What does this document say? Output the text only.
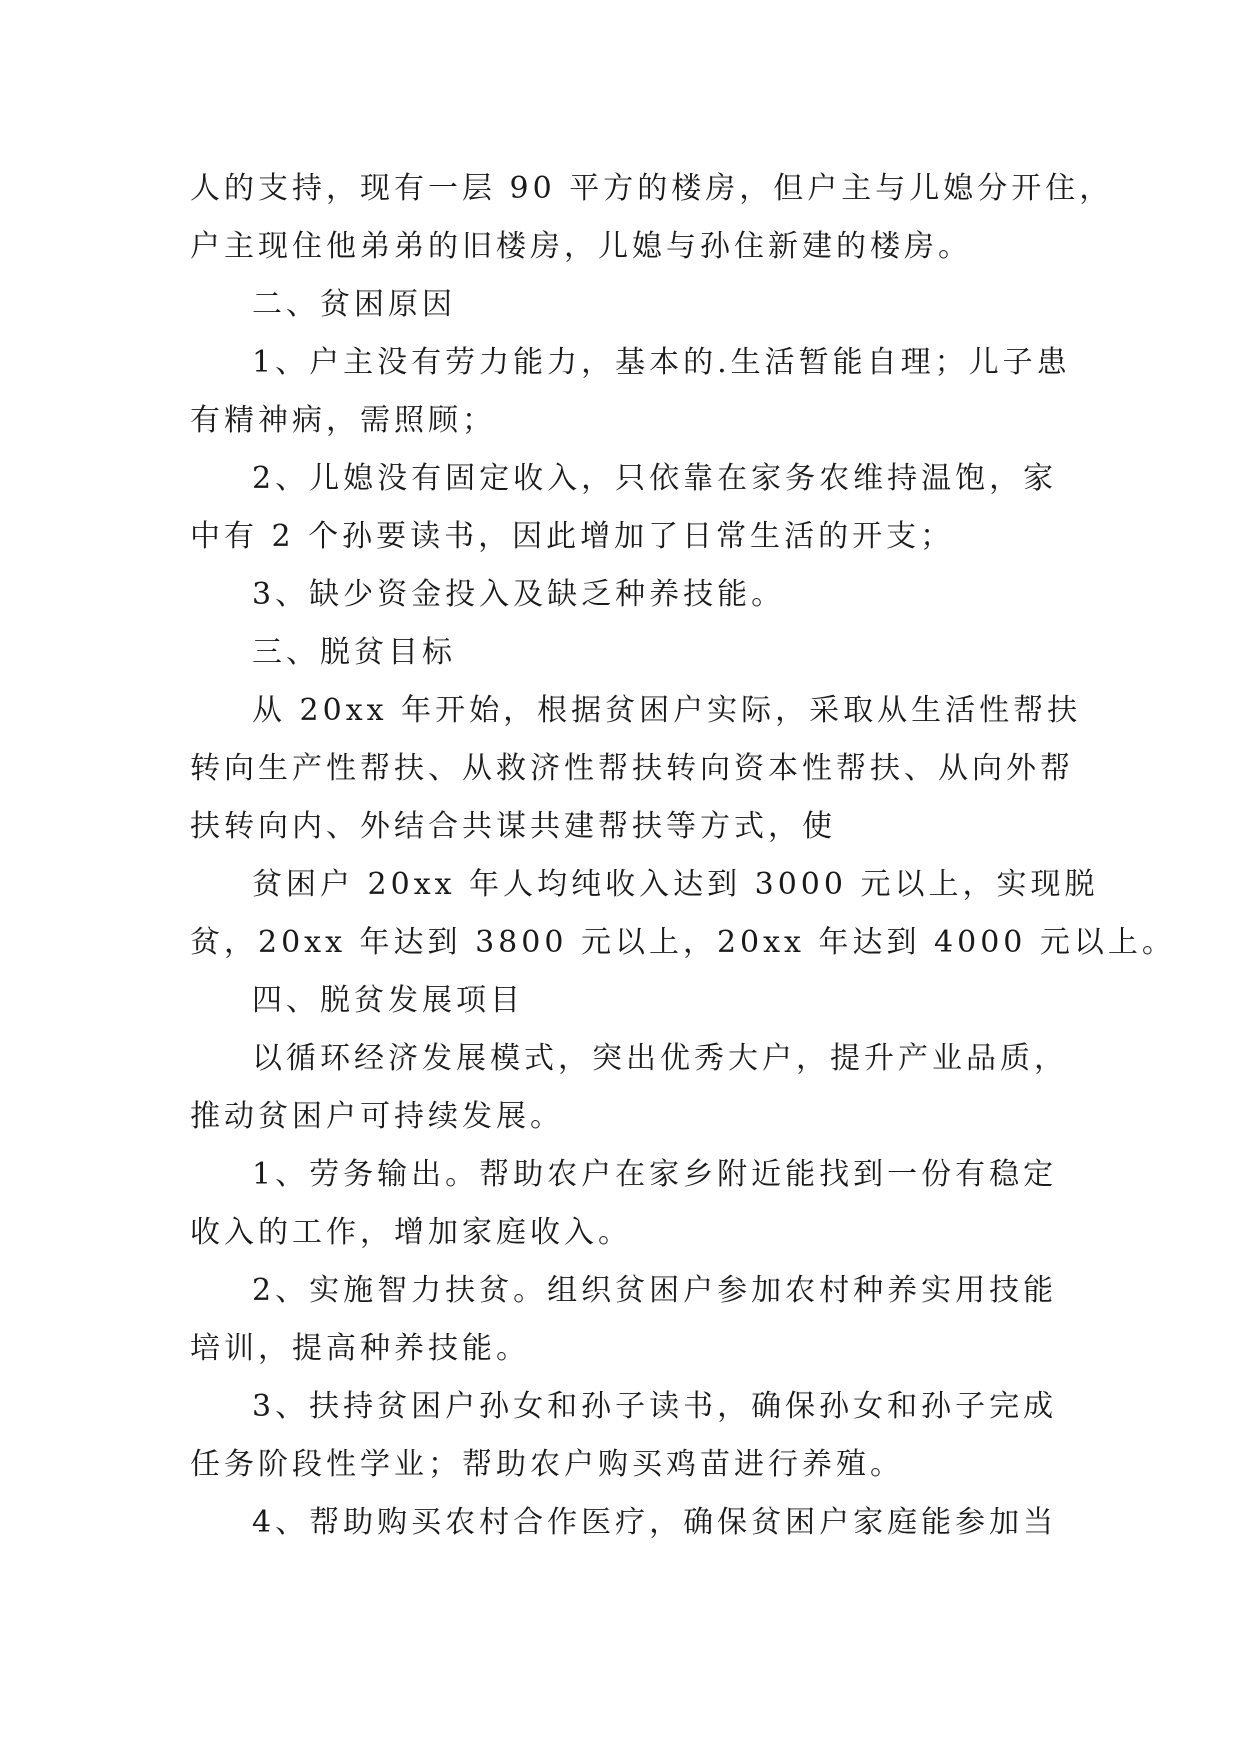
人的支持，现有一层 90 平方的楼房，但户主与儿媳分开住，
户主现住他弟弟的旧楼房，儿媳与孙住新建的楼房。
二、贫困原因
1、户主没有劳力能力，基本的.生活暂能自理；儿子患
有精神病，需照顾；
2、儿媳没有固定收入，只依靠在家务农维持温饱，家
中有 2 个孙要读书，因此增加了日常生活的开支；
3、缺少资金投入及缺乏种养技能。
三、脱贫目标
从 20xx 年开始，根据贫困户实际，采取从生活性帮扶
转向生产性帮扶、从救济性帮扶转向资本性帮扶、从向外帮
扶转向内、外结合共谋共建帮扶等方式，使
贫困户 20xx 年人均纯收入达到 3000 元以上，实现脱
贫，20xx 年达到 3800 元以上，20xx 年达到 4000 元以上。
四、脱贫发展项目
以循环经济发展模式，突出优秀大户，提升产业品质，
推动贫困户可持续发展。
1、劳务输出。帮助农户在家乡附近能找到一份有稳定
收入的工作，增加家庭收入。
2、实施智力扶贫。组织贫困户参加农村种养实用技能
培训，提高种养技能。
3、扶持贫困户孙女和孙子读书，确保孙女和孙子完成
任务阶段性学业；帮助农户购买鸡苗进行养殖。
4、帮助购买农村合作医疗，确保贫困户家庭能参加当
